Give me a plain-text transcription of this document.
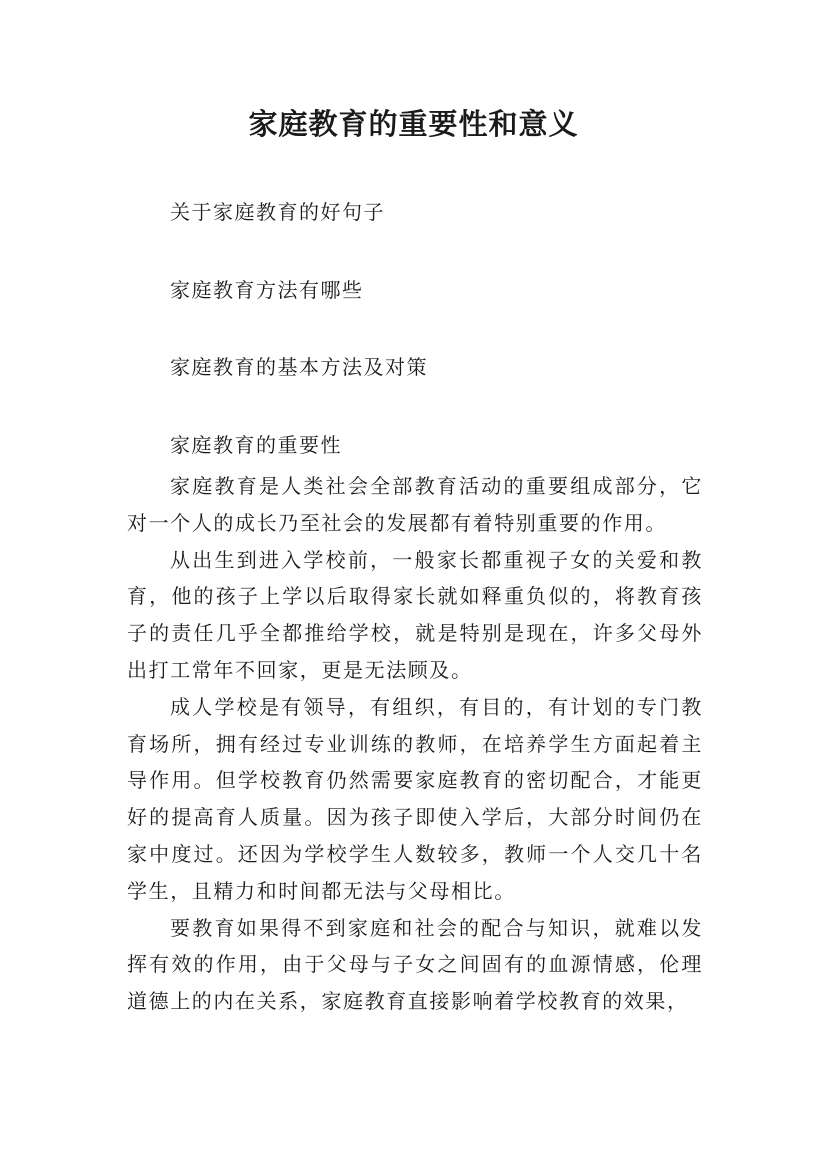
家庭教育的重要性和意义
关于家庭教育的好句子
家庭教育方法有哪些
家庭教育的基本方法及对策
家庭教育的重要性

家庭教育是人类社会全部教育活动的重要组成部分，它对一个人的成长乃至社会的发展都有着特别重要的作用。

从出生到进入学校前，一般家长都重视子女的关爱和教育，他的孩子上学以后取得家长就如释重负似的，将教育孩子的责任几乎全都推给学校，就是特别是现在，许多父母外出打工常年不回家，更是无法顾及。

成人学校是有领导，有组织，有目的，有计划的专门教育场所，拥有经过专业训练的教师，在培养学生方面起着主导作用。但学校教育仍然需要家庭教育的密切配合，才能更好的提高育人质量。因为孩子即使入学后，大部分时间仍在家中度过。还因为学校学生人数较多，教师一个人交几十名学生，且精力和时间都无法与父母相比。

要教育如果得不到家庭和社会的配合与知识，就难以发挥有效的作用，由于父母与子女之间固有的血源情感，伦理道德上的内在关系，家庭教育直接影响着学校教育的效果，
